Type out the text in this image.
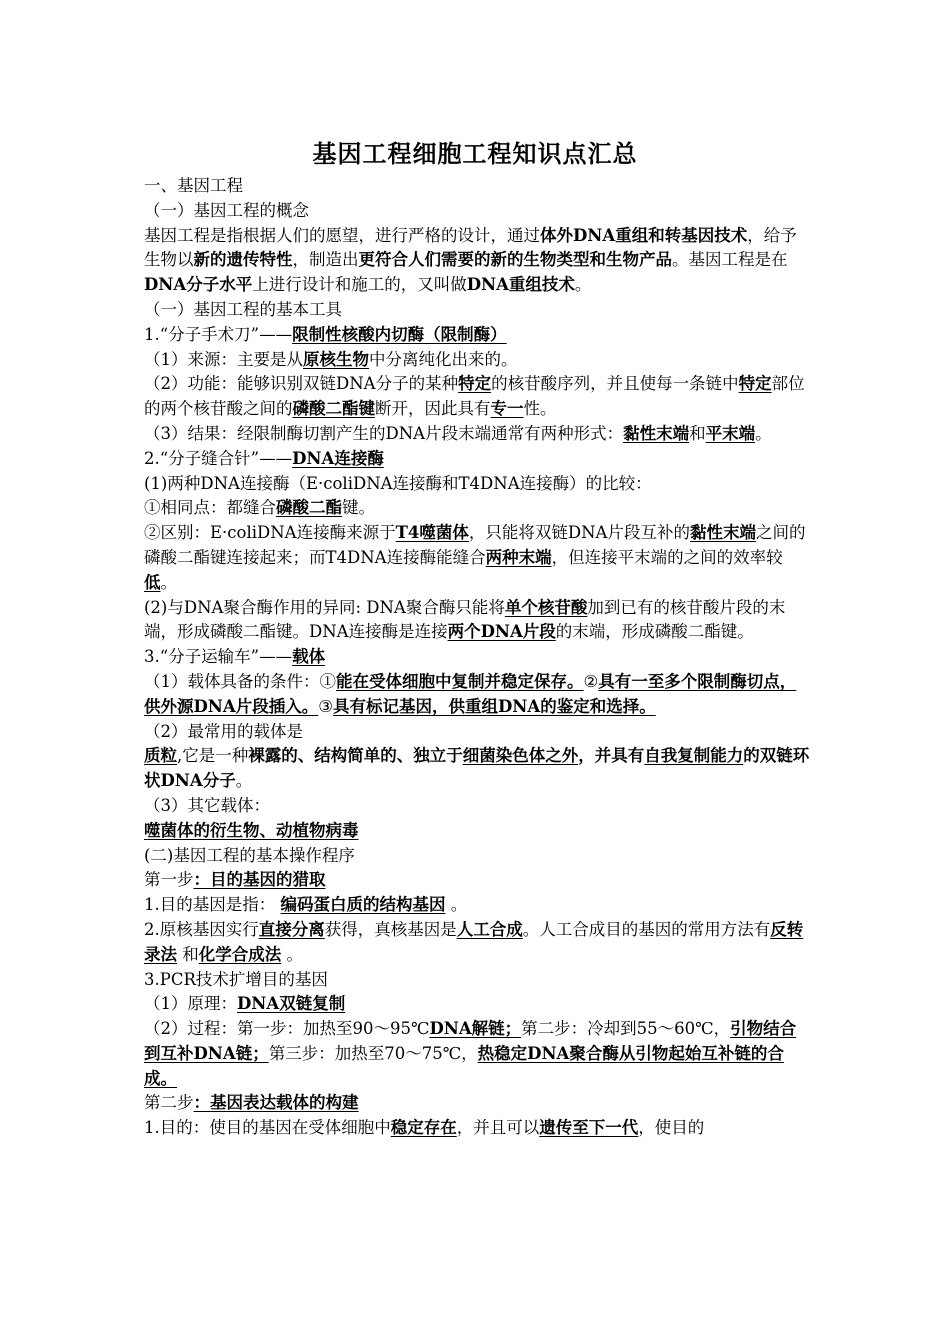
基因工程细胞工程知识点汇总

一、基因工程

（一）基因工程的概念

基因工程是指根据人们的愿望，进行严格的设计，通过体外DNA重组和转基因技术，给予生物以新的遗传特性，制造出更符合人们需要的新的生物类型和生物产品。基因工程是在DNA分子水平上进行设计和施工的，又叫做DNA重组技术。

（一）基因工程的基本工具

1.“分子手术刀”——限制性核酸内切酶（限制酶）

（1）来源：主要是从原核生物中分离纯化出来的。

（2）功能：能够识别双链DNA分子的某种特定的核苷酸序列，并且使每一条链中特定部位的两个核苷酸之间的磷酸二酯键断开，因此具有专一性。

（3）结果：经限制酶切割产生的DNA片段末端通常有两种形式：黏性末端和平末端。

2.“分子缝合针”——DNA连接酶

(1)两种DNA连接酶（E·coliDNA连接酶和T4DNA连接酶）的比较：

①相同点：都缝合磷酸二酯键。

②区别：E·coliDNA连接酶来源于T4噬菌体，只能将双链DNA片段互补的黏性末端之间的磷酸二酯键连接起来；而T4DNA连接酶能缝合两种末端，但连接平末端的之间的效率较低。

(2)与DNA聚合酶作用的异同: DNA聚合酶只能将单个核苷酸加到已有的核苷酸片段的末端，形成磷酸二酯键。DNA连接酶是连接两个DNA片段的末端，形成磷酸二酯键。

3.“分子运输车”——载体

（1）载体具备的条件：①能在受体细胞中复制并稳定保存。②具有一至多个限制酶切点，供外源DNA片段插入。③具有标记基因，供重组DNA的鉴定和选择。

（2）最常用的载体是

质粒,它是一种裸露的、结构简单的、独立于细菌染色体之外，并具有自我复制能力的双链环状DNA分子。

（3）其它载体：

噬菌体的衍生物、动植物病毒

(二)基因工程的基本操作程序

第一步：目的基因的猎取

1.目的基因是指： 编码蛋白质的结构基因 。

2.原核基因实行直接分离获得，真核基因是人工合成。人工合成目的基因的常用方法有反转录法 和化学合成法 。

3.PCR技术扩增目的基因

（1）原理：DNA双链复制

（2）过程：第一步：加热至90～95℃DNA解链；第二步：冷却到55～60℃，引物结合到互补DNA链；第三步：加热至70～75℃，热稳定DNA聚合酶从引物起始互补链的合成。

第二步：基因表达载体的构建

1.目的：使目的基因在受体细胞中稳定存在，并且可以遗传至下一代，使目的
